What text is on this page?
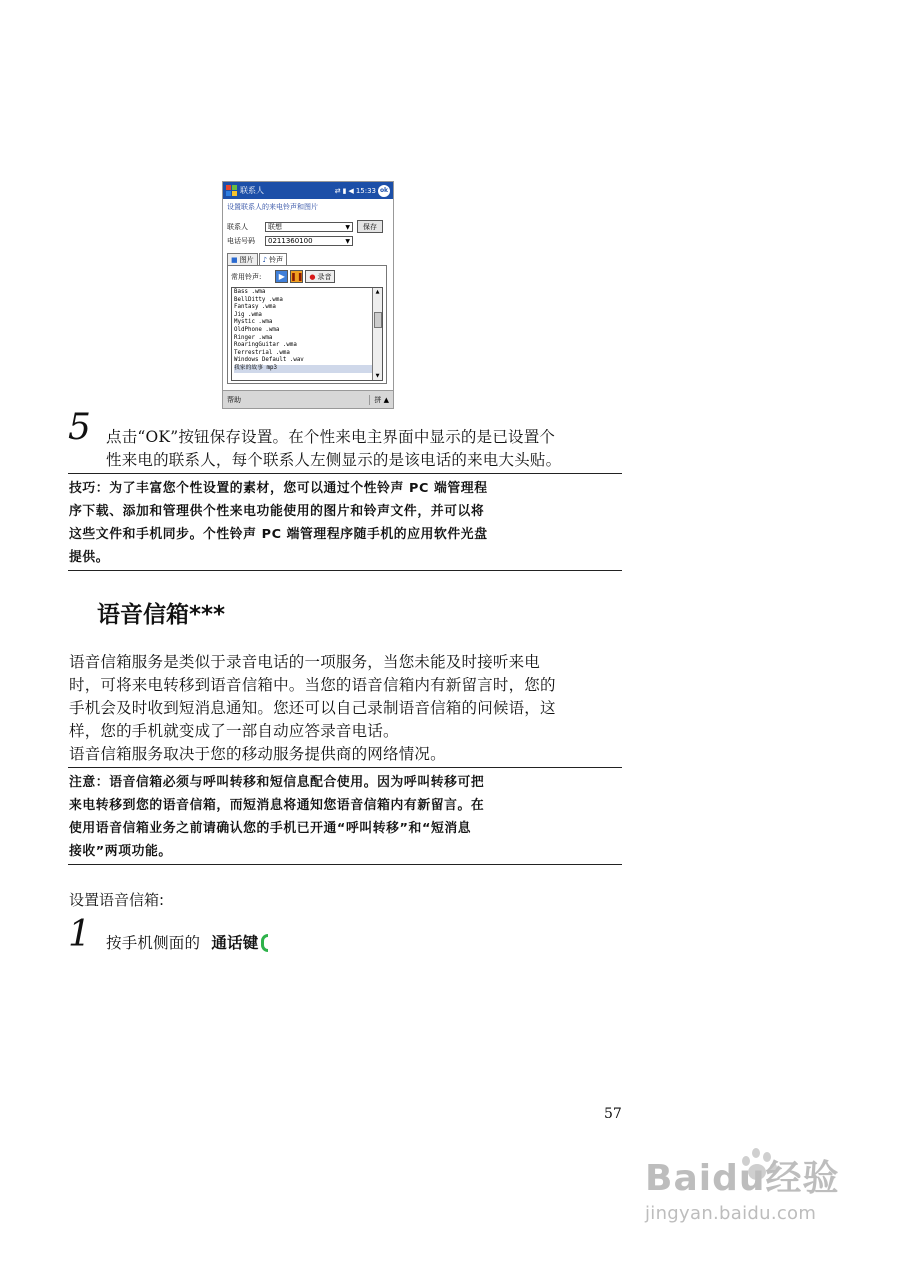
联系人	⇄ ▮ ◀ 15:33 ok
设置联系人的来电铃声和图片
联系人	联想	▼	保存
电话号码	0211360100	▼
■ 图片 ♪ 铃声
常用铃声:	▶ ❚❚ ● 录音
Bass .wma
BellDitty .wma
Fantasy .wma
Jig .wma
Mystic .wma
OldPhone .wma
Ringer .wma
RoaringGuitar .wma
Terrestrial .wma
Windows Default .wav
我家的故事 mp3
▲
▼
帮助	拼 ▲
5 点击“OK”按钮保存设置。在个性来电主界面中显示的是已设置个
性来电的联系人，每个联系人左侧显示的是该电话的来电大头贴。
技巧：为了丰富您个性设置的素材，您可以通过个性铃声 PC 端管理程
序下载、添加和管理供个性来电功能使用的图片和铃声文件，并可以将
这些文件和手机同步。个性铃声 PC 端管理程序随手机的应用软件光盘
提供。
语音信箱***
语音信箱服务是类似于录音电话的一项服务，当您未能及时接听来电
时，可将来电转移到语音信箱中。当您的语音信箱内有新留言时，您的
手机会及时收到短消息通知。您还可以自己录制语音信箱的问候语，这
样，您的手机就变成了一部自动应答录音电话。
语音信箱服务取决于您的移动服务提供商的网络情况。
注意：语音信箱必须与呼叫转移和短信息配合使用。因为呼叫转移可把
来电转移到您的语音信箱，而短消息将通知您语音信箱内有新留言。在
使用语音信箱业务之前请确认您的手机已开通“呼叫转移”和“短消息
接收”两项功能。
设置语音信箱:
1 按手机侧面的 通话键
57
Baidu经验
jingyan.baidu.com
